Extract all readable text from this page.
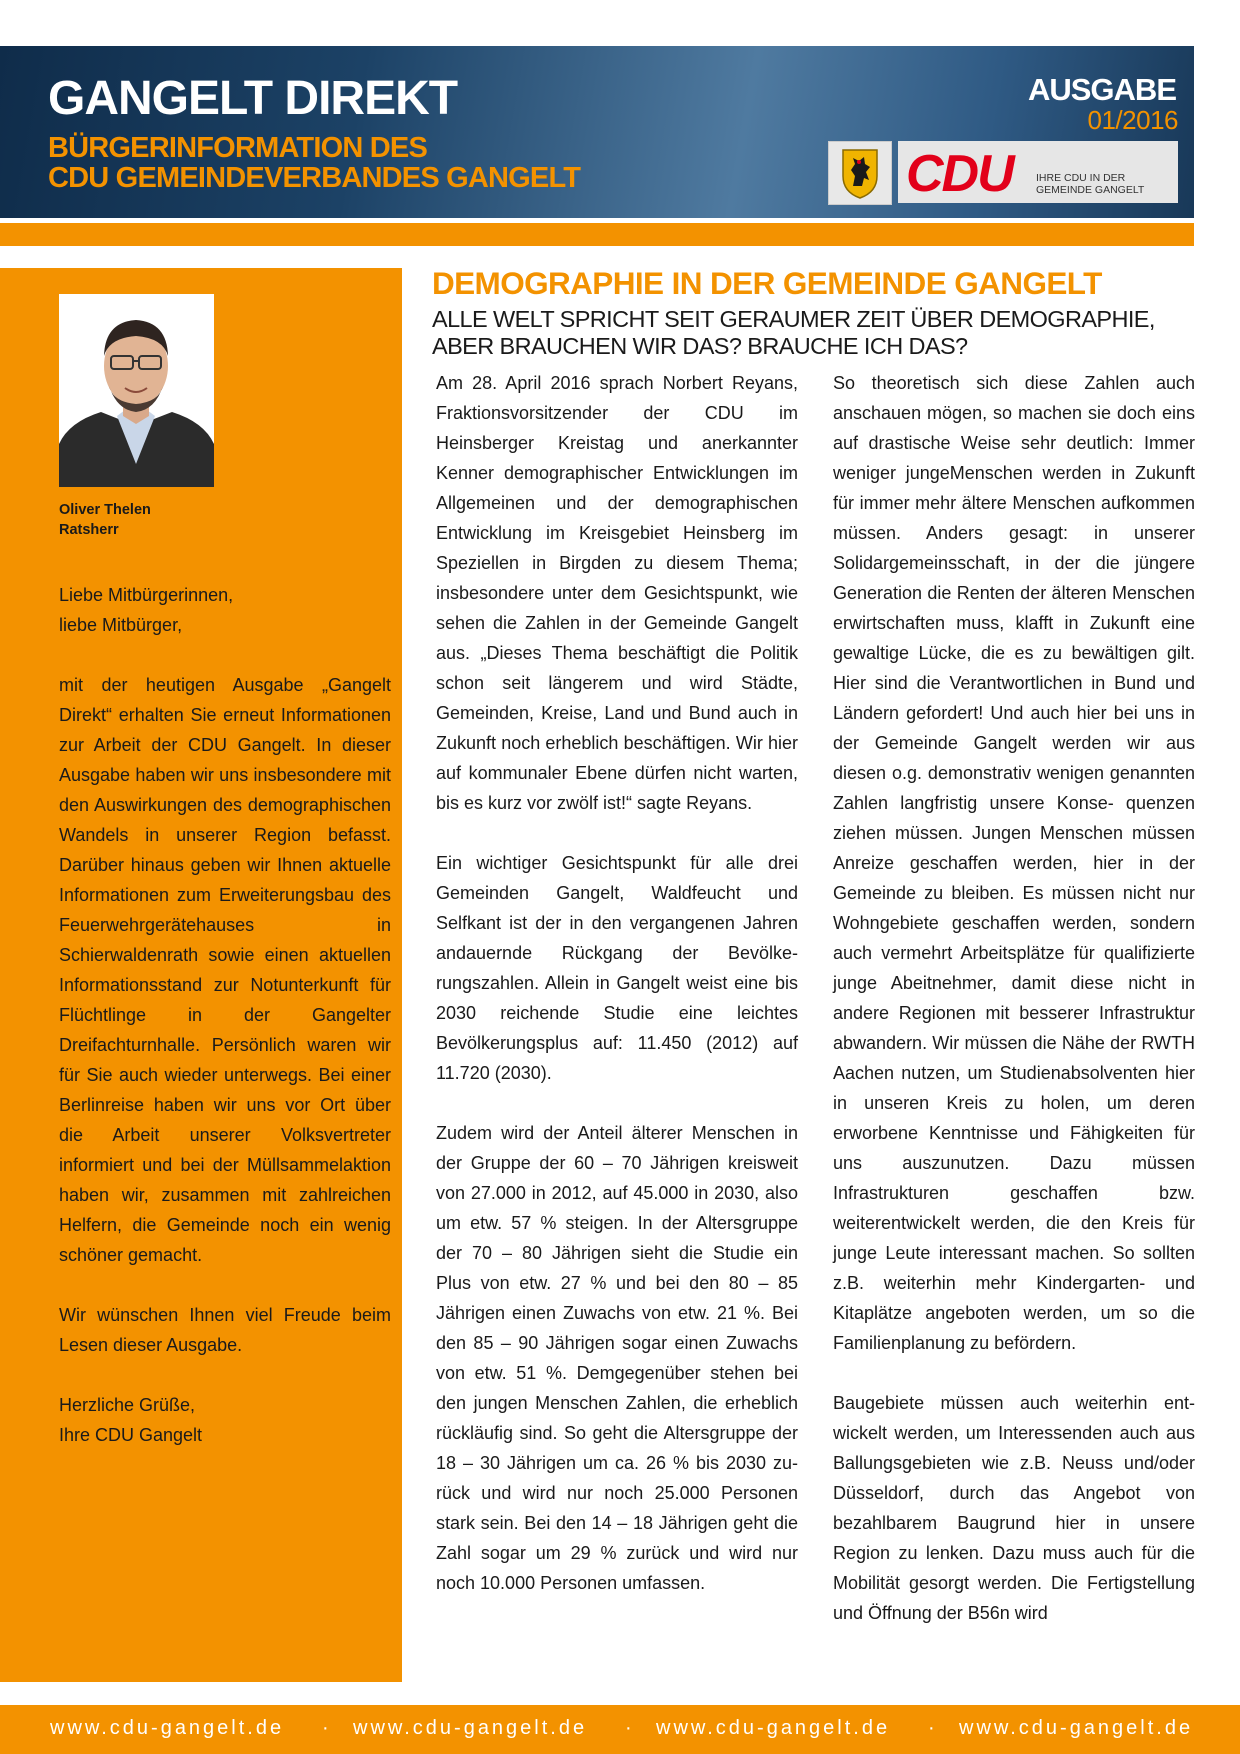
GANGELT DIREKT
BÜRGERINFORMATION DES
CDU GEMEINDEVERBANDES GANGELT
AUSGABE
01/2016
CDU IHRE CDU IN DER
GEMEINDE GANGELT
Oliver Thelen
Ratsherr

Liebe Mitbürgerinnen,
liebe Mitbürger,

mit der heutigen Ausgabe „Gangelt Direkt“ erhalten Sie erneut Informationen zur Arbeit der CDU Gangelt. In dieser Ausgabe haben wir uns insbesondere mit den Auswirkungen des demographischen Wandels in unserer Region befasst. Darüber hinaus geben wir Ihnen aktuelle Informationen zum Erweiterungsbau des Feuerwehrgerätehauses in Schierwaldenrath sowie einen aktuellen Informationsstand zur Notunterkunft für Flüchtlinge in der Gangelter Dreifachturnhalle. Persönlich waren wir für Sie auch wieder unterwegs. Bei einer Berlinreise haben wir uns vor Ort über die Arbeit unserer Volksvertreter informiert und bei der Müllsammelaktion haben wir, zusammen mit zahlreichen Helfern, die Gemeinde noch ein wenig schöner gemacht.

Wir wünschen Ihnen viel Freude beim Lesen dieser Ausgabe.

Herzliche Grüße,
Ihre CDU Gangelt

DEMOGRAPHIE IN DER GEMEINDE GANGELT
ALLE WELT SPRICHT SEIT GERAUMER ZEIT ÜBER DEMOGRAPHIE,
ABER BRAUCHEN WIR DAS? BRAUCHE ICH DAS?

Am 28. April 2016 sprach Norbert Reyans, Fraktionsvorsitzender der CDU im Heinsberger Kreistag und anerkannter Kenner demographischer Entwicklungen im Allgemeinen und der demographischen Entwicklung im Kreisgebiet Heinsberg im Speziellen in Birgden zu diesem Thema; insbesondere unter dem Gesichtspunkt, wie sehen die Zahlen in der Gemeinde Gangelt aus. „Dieses Thema beschäftigt die Politik schon seit längerem und wird Städte, Gemeinden, Kreise, Land und Bund auch in Zukunft noch erheblich beschäftigen. Wir hier auf kommunaler Ebene dürfen nicht warten, bis es kurz vor zwölf ist!“ sagte Reyans.

Ein wichtiger Gesichtspunkt für alle drei Gemeinden Gangelt, Waldfeucht und Selfkant ist der in den vergangenen Jahren andauernde Rückgang der Bevölkerungszahlen. Allein in Gangelt weist eine bis 2030 reichende Studie eine leichtes Bevölkerungsplus auf: 11.450 (2012) auf 11.720 (2030).

Zudem wird der Anteil älterer Menschen in der Gruppe der 60 – 70 Jährigen kreisweit von 27.000 in 2012, auf 45.000 in 2030, also um etw. 57 % steigen. In der Altersgruppe der 70 – 80 Jährigen sieht die Studie ein Plus von etw. 27 % und bei den 80 – 85 Jährigen einen Zuwachs von etw. 21 %. Bei den 85 – 90 Jährigen sogar einen Zuwachs von etw. 51 %. Demgegenüber stehen bei den jungen Menschen Zahlen, die erheblich rückläufig sind. So geht die Altersgruppe der 18 – 30 Jährigen um ca. 26 % bis 2030 zurück und wird nur noch 25.000 Personen stark sein. Bei den 14 – 18 Jährigen geht die Zahl sogar um 29 % zurück und wird nur noch 10.000 Personen umfassen.

So theoretisch sich diese Zahlen auch anschauen mögen, so machen sie doch eins auf drastische Weise sehr deutlich: Immer weniger jungeMenschen werden in Zukunft für immer mehr ältere Menschen aufkommen müssen. Anders gesagt: in unserer Solidargemeinsschaft, in der die jüngere Generation die Renten der älteren Menschen erwirtschaften muss, klafft in Zukunft eine gewaltige Lücke, die es zu bewältigen gilt. Hier sind die Verantwortlichen in Bund und Ländern gefordert! Und auch hier bei uns in der Gemeinde Gangelt werden wir aus diesen o.g. demonstrativ wenigen genannten Zahlen langfristig unsere Konse- quenzen ziehen müssen. Jungen Menschen müssen Anreize geschaffen werden, hier in der Gemeinde zu bleiben. Es müssen nicht nur Wohngebiete geschaffen werden, sondern auch vermehrt Arbeitsplätze für qualifizierte junge Abeitnehmer, damit diese nicht in andere Regionen mit besserer Infrastruktur abwandern. Wir müssen die Nähe der RWTH Aachen nutzen, um Studienabsolventen hier in unseren Kreis zu holen, um deren erworbene Kenntnisse und Fähigkeiten für uns auszunutzen. Dazu müssen Infrastrukturen geschaffen bzw. weiterentwickelt werden, die den Kreis für junge Leute interessant machen. So sollten z.B. weiterhin mehr Kindergarten- und Kitaplätze angeboten werden, um so die Familienplanung zu befördern.

Baugebiete müssen auch weiterhin entwickelt werden, um Interessenden auch aus Ballungsgebieten wie z.B. Neuss und/oder Düsseldorf, durch das Angebot von bezahlbarem Baugrund hier in unsere Region zu lenken. Dazu muss auch für die Mobilität gesorgt werden. Die Fertigstellung und Öffnung der B56n wird

www.cdu-gangelt.de · www.cdu-gangelt.de · www.cdu-gangelt.de · www.cdu-gangelt.de
